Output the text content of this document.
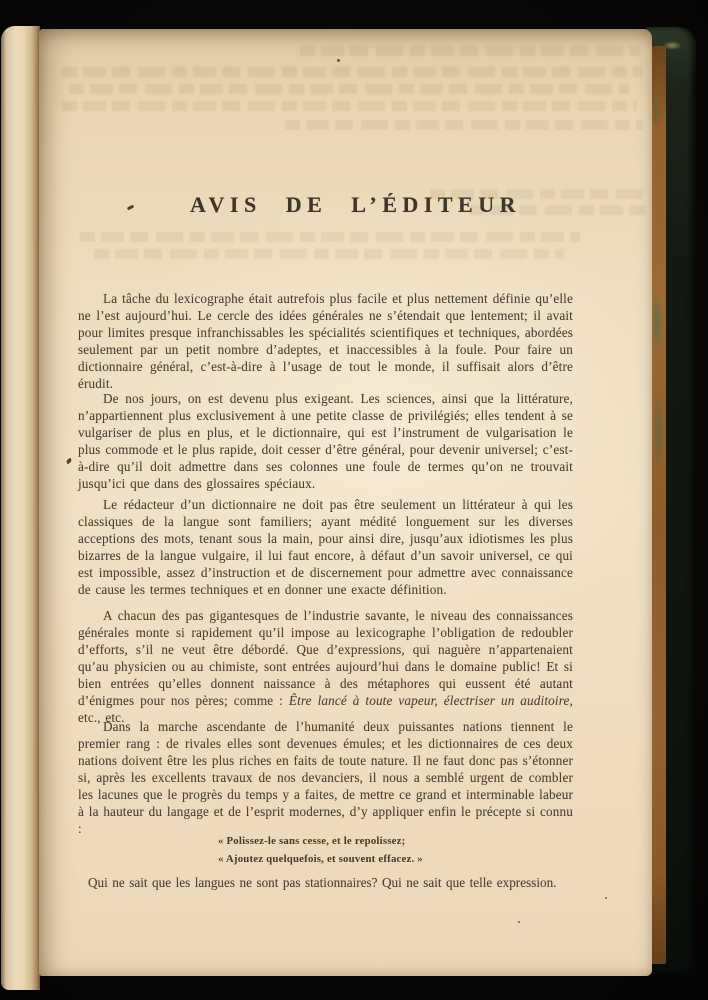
AVIS DE L’ÉDITEUR

La tâche du lexicographe était autrefois plus facile et plus nettement définie qu’elle ne l’est aujourd’hui. Le cercle des idées générales ne s’étendait que lentement; il avait pour limites presque infranchissables les spécialités scientifiques et techniques, abordées seulement par un petit nombre d’adeptes, et inaccessibles à la foule. Pour faire un dictionnaire général, c’est-à-dire à l’usage de tout le monde, il suffisait alors d’être érudit.

De nos jours, on est devenu plus exigeant. Les sciences, ainsi que la littérature, n’appartiennent plus exclusivement à une petite classe de privilégiés; elles tendent à se vulgariser de plus en plus, et le dictionnaire, qui est l’instrument de vulgarisation le plus commode et le plus rapide, doit cesser d’être général, pour devenir universel; c’est-à-dire qu’il doit admettre dans ses colonnes une foule de termes qu’on ne trouvait jusqu’ici que dans des glossaires spéciaux.

Le rédacteur d’un dictionnaire ne doit pas être seulement un littérateur à qui les classiques de la langue sont familiers; ayant médité longuement sur les diverses acceptions des mots, tenant sous la main, pour ainsi dire, jusqu’aux idiotismes les plus bizarres de la langue vulgaire, il lui faut encore, à défaut d’un savoir universel, ce qui est impossible, assez d’instruction et de discernement pour admettre avec connaissance de cause les termes techniques et en donner une exacte définition.

A chacun des pas gigantesques de l’industrie savante, le niveau des connaissances générales monte si rapidement qu’il impose au lexicographe l’obligation de redoubler d’efforts, s’il ne veut être débordé. Que d’expressions, qui naguère n’appartenaient qu’au physicien ou au chimiste, sont entrées aujourd’hui dans le domaine public! Et si bien entrées qu’elles donnent naissance à des métaphores qui eussent été autant d’énigmes pour nos pères; comme : Être lancé à toute vapeur, électriser un auditoire, etc., etc.

Dans la marche ascendante de l’humanité deux puissantes nations tiennent le premier rang : de rivales elles sont devenues émules; et les dictionnaires de ces deux nations doivent être les plus riches en faits de toute nature. Il ne faut donc pas s’étonner si, après les excellents travaux de nos devanciers, il nous a semblé urgent de combler les lacunes que le progrès du temps y a faites, de mettre ce grand et interminable labeur à la hauteur du langage et de l’esprit modernes, d’y appliquer enfin le précepte si connu :

« Polissez-le sans cesse, et le repolissez;
« Ajoutez quelquefois, et souvent effacez. »

Qui ne sait que les langues ne sont pas stationnaires? Qui ne sait que telle expression.
